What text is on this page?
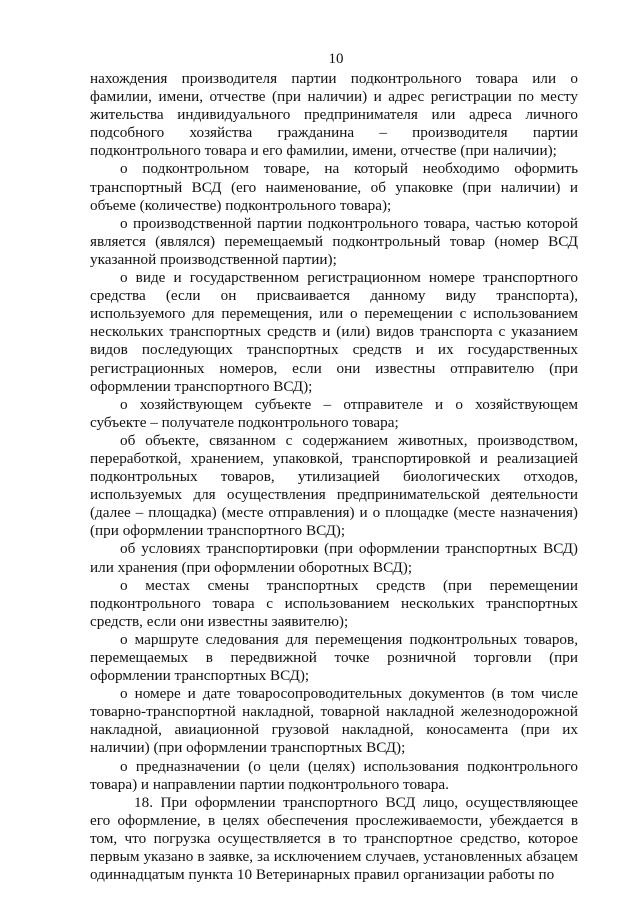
10

нахождения производителя партии подконтрольного товара или о фамилии, имени, отчестве (при наличии) и адрес регистрации по месту жительства индивидуального предпринимателя или адреса личного подсобного хозяйства гражданина – производителя партии подконтрольного товара и его фамилии, имени, отчестве (при наличии);

о подконтрольном товаре, на который необходимо оформить транспортный ВСД (его наименование, об упаковке (при наличии) и объеме (количестве) подконтрольного товара);

о производственной партии подконтрольного товара, частью которой является (являлся) перемещаемый подконтрольный товар (номер ВСД указанной производственной партии);

о виде и государственном регистрационном номере транспортного средства (если он присваивается данному виду транспорта), используемого для перемещения, или о перемещении с использованием нескольких транспортных средств и (или) видов транспорта с указанием видов последующих транспортных средств и их государственных регистрационных номеров, если они известны отправителю (при оформлении транспортного ВСД);

о хозяйствующем субъекте – отправителе и о хозяйствующем субъекте – получателе подконтрольного товара;

об объекте, связанном с содержанием животных, производством, переработкой, хранением, упаковкой, транспортировкой и реализацией подконтрольных товаров, утилизацией биологических отходов, используемых для осуществления предпринимательской деятельности (далее – площадка) (месте отправления) и о площадке (месте назначения) (при оформлении транспортного ВСД);

об условиях транспортировки (при оформлении транспортных ВСД) или хранения (при оформлении оборотных ВСД);

о местах смены транспортных средств (при перемещении подконтрольного товара с использованием нескольких транспортных средств, если они известны заявителю);

о маршруте следования для перемещения подконтрольных товаров, перемещаемых в передвижной точке розничной торговли (при оформлении транспортных ВСД);

о номере и дате товаросопроводительных документов (в том числе товарно-транспортной накладной, товарной накладной железнодорожной накладной, авиационной грузовой накладной, коносамента (при их наличии) (при оформлении транспортных ВСД);

о предназначении (о цели (целях) использования подконтрольного товара) и направлении партии подконтрольного товара.

18. При оформлении транспортного ВСД лицо, осуществляющее его оформление, в целях обеспечения прослеживаемости, убеждается в том, что погрузка осуществляется в то транспортное средство, которое первым указано в заявке, за исключением случаев, установленных абзацем одиннадцатым пункта 10 Ветеринарных правил организации работы по
